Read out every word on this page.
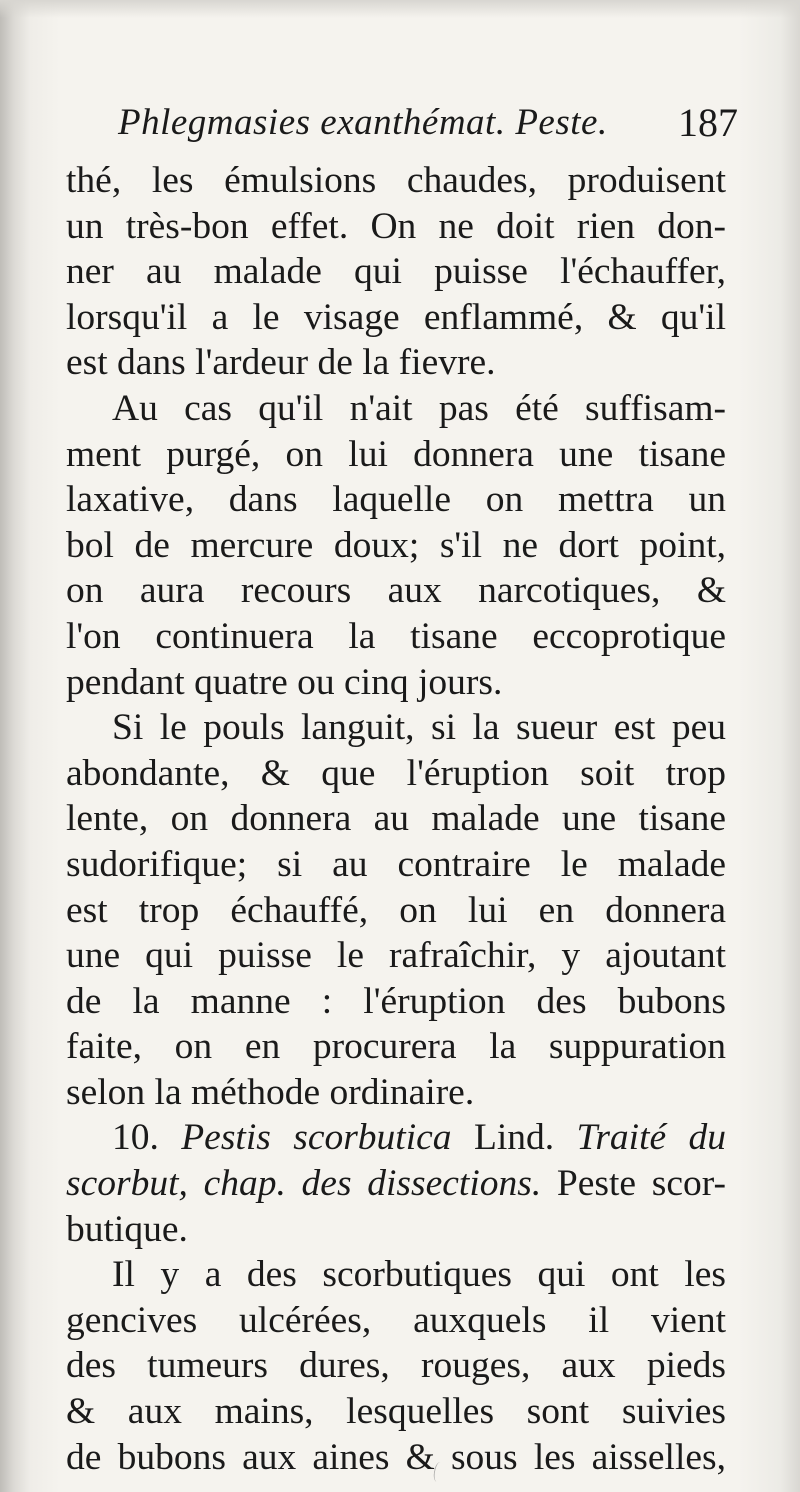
Phlegmasies exanthémat. Peste. 187
thé, les émulsions chaudes, produisent
un très-bon effet. On ne doit rien don-
ner au malade qui puisse l'échauffer,
lorsqu'il a le visage enflammé, & qu'il
est dans l'ardeur de la fievre.
Au cas qu'il n'ait pas été suffisam-
ment purgé, on lui donnera une tisane
laxative, dans laquelle on mettra un
bol de mercure doux; s'il ne dort point,
on aura recours aux narcotiques, &
l'on continuera la tisane eccoprotique
pendant quatre ou cinq jours.
Si le pouls languit, si la sueur est peu
abondante, & que l'éruption soit trop
lente, on donnera au malade une tisane
sudorifique; si au contraire le malade
est trop échauffé, on lui en donnera
une qui puisse le rafraîchir, y ajoutant
de la manne : l'éruption des bubons
faite, on en procurera la suppuration
selon la méthode ordinaire.
10. Pestis scorbutica Lind. Traité du
scorbut, chap. des dissections. Peste scor-
butique.
Il y a des scorbutiques qui ont les
gencives ulcérées, auxquels il vient
des tumeurs dures, rouges, aux pieds
& aux mains, lesquelles sont suivies
de bubons aux aines & sous les aisselles,
